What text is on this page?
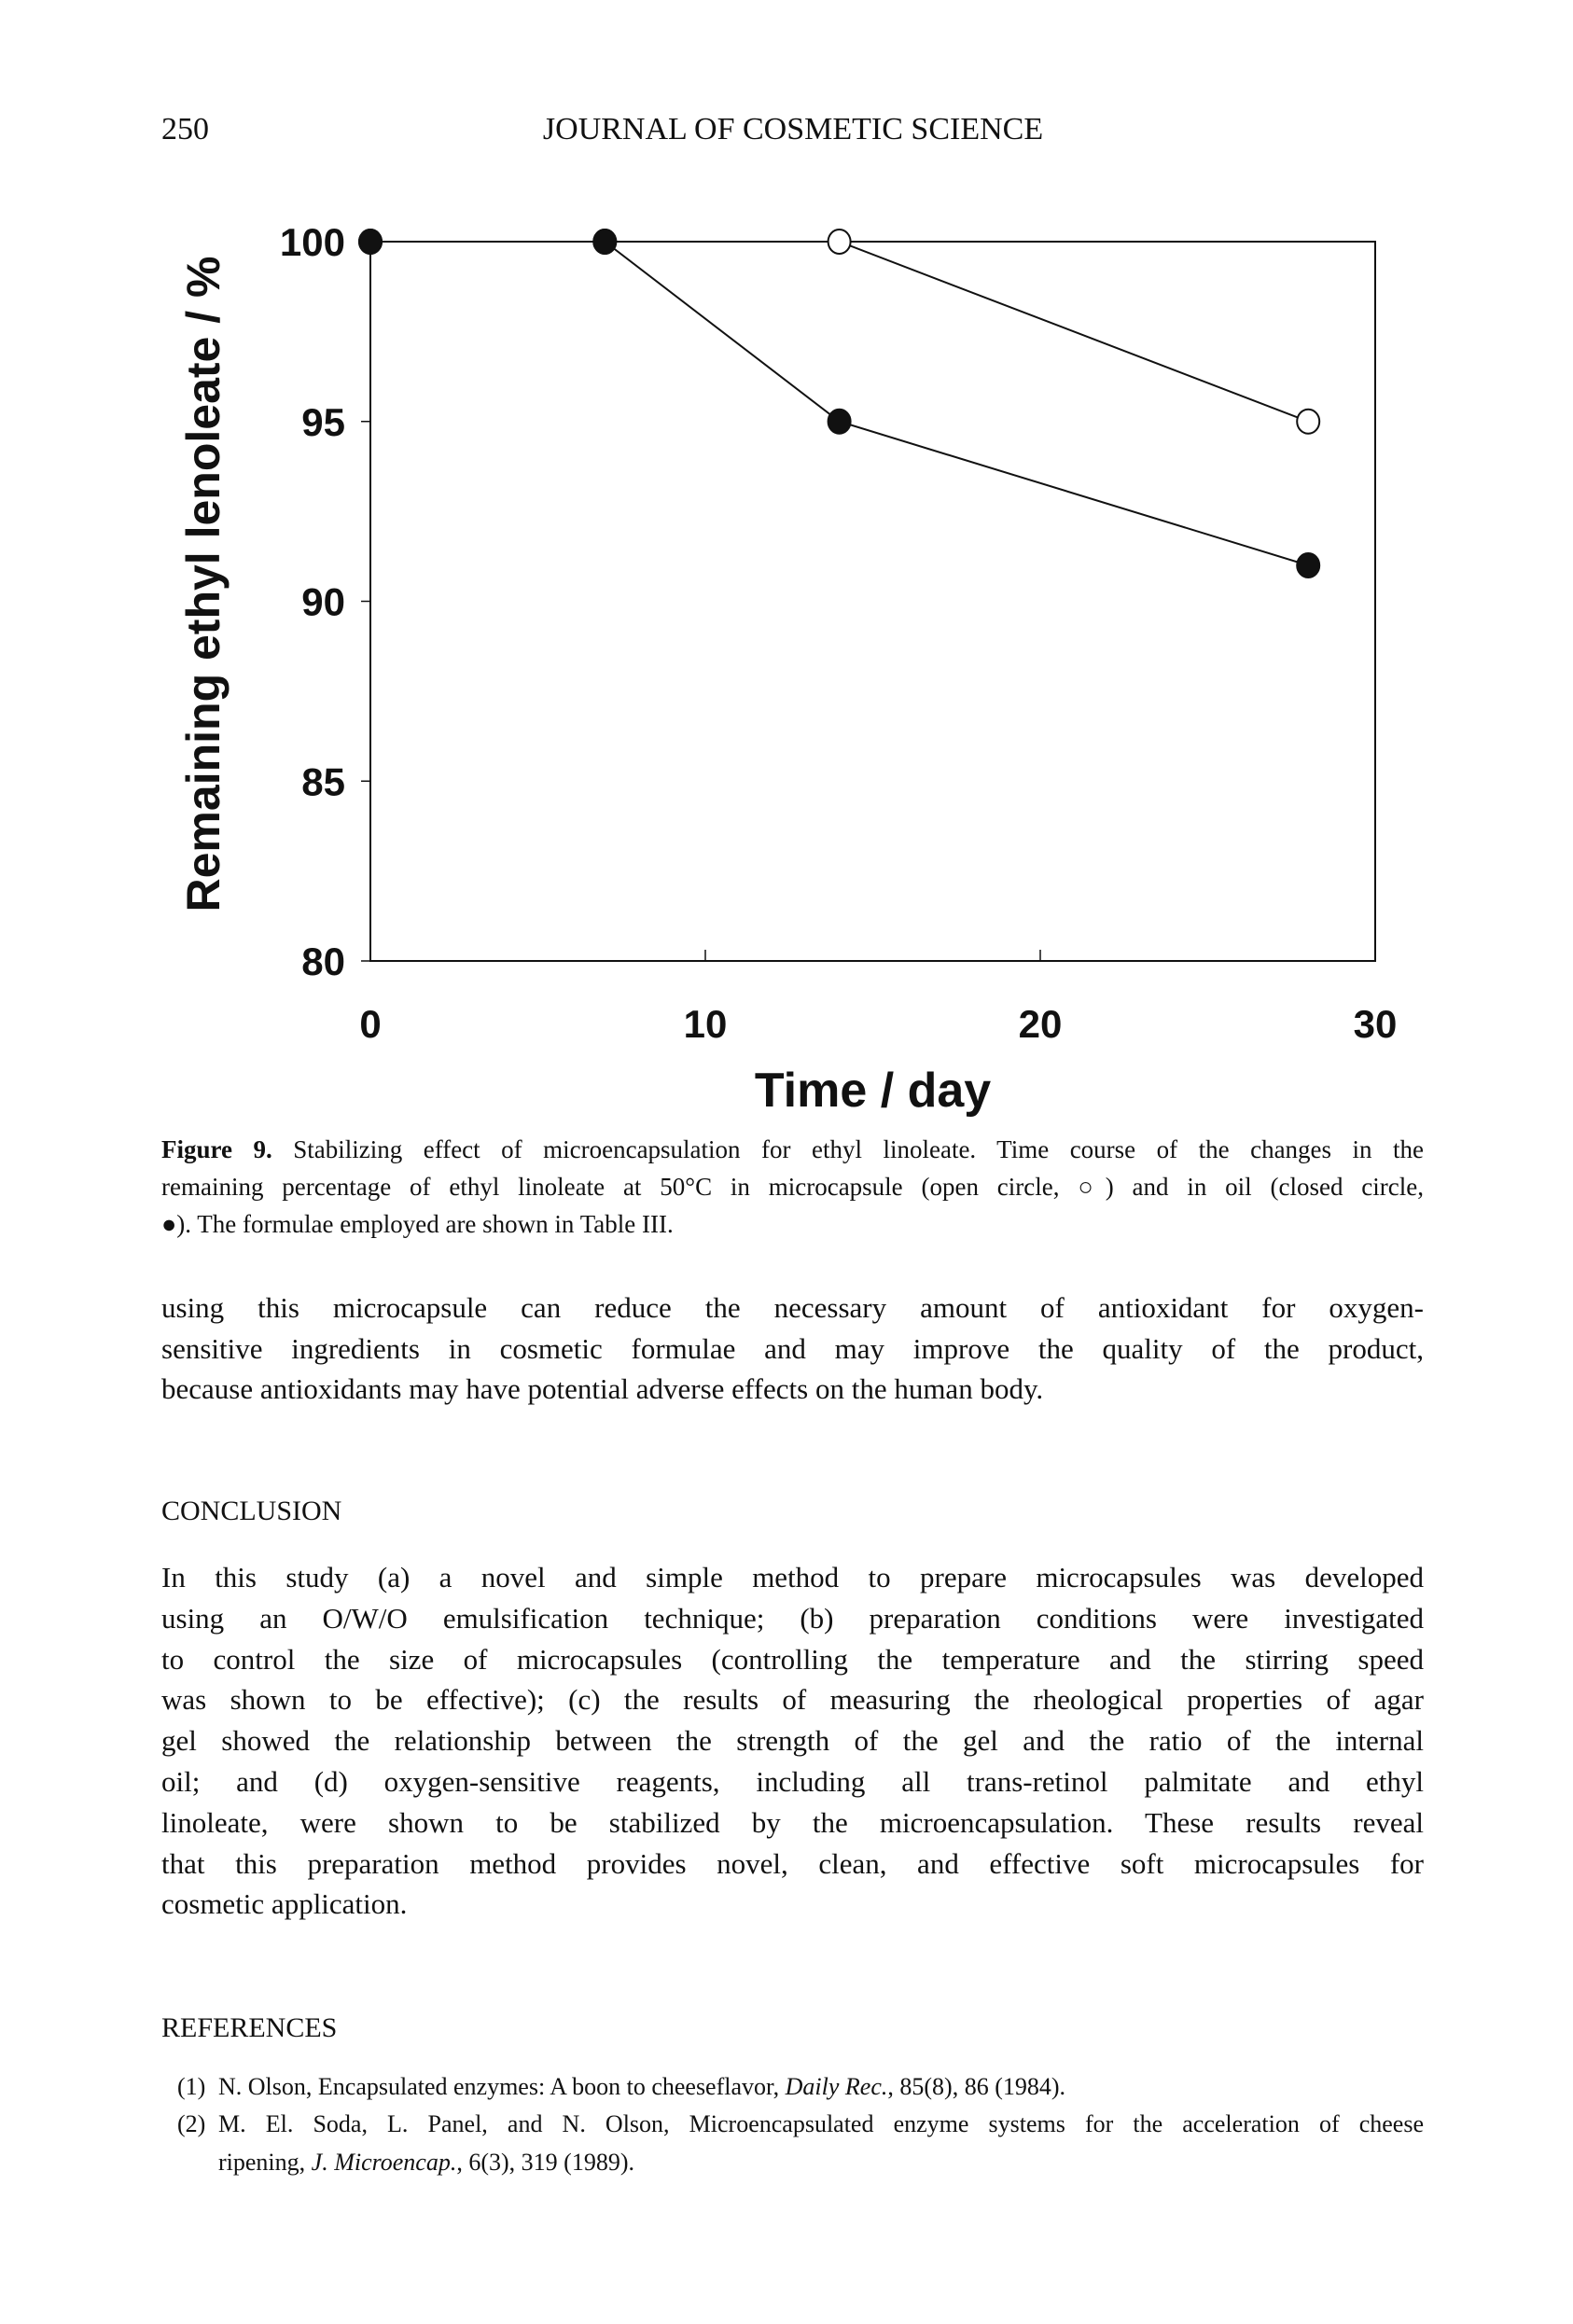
250	JOURNAL OF COSMETIC SCIENCE
100
95
90
85
80
0	10	20	30
Time / day
Remaining ethyl lenoleate / %
Figure 9. Stabilizing effect of microencapsulation for ethyl linoleate. Time course of the changes in the
remaining percentage of ethyl linoleate at 50°C in microcapsule (open circle, ○) and in oil (closed circle,
●). The formulae employed are shown in Table III.
using this microcapsule can reduce the necessary amount of antioxidant for oxygen-
sensitive ingredients in cosmetic formulae and may improve the quality of the product,
because antioxidants may have potential adverse effects on the human body.
CONCLUSION
In this study (a) a novel and simple method to prepare microcapsules was developed
using an O/W/O emulsification technique; (b) preparation conditions were investigated
to control the size of microcapsules (controlling the temperature and the stirring speed
was shown to be effective); (c) the results of measuring the rheological properties of agar
gel showed the relationship between the strength of the gel and the ratio of the internal
oil; and (d) oxygen-sensitive reagents, including all trans-retinol palmitate and ethyl
linoleate, were shown to be stabilized by the microencapsulation. These results reveal
that this preparation method provides novel, clean, and effective soft microcapsules for
cosmetic application.
REFERENCES
(1) N. Olson, Encapsulated enzymes: A boon to cheeseflavor, Daily Rec., 85(8), 86 (1984).
(2) M. El. Soda, L. Panel, and N. Olson, Microencapsulated enzyme systems for the acceleration of cheese
ripening, J. Microencap., 6(3), 319 (1989).
